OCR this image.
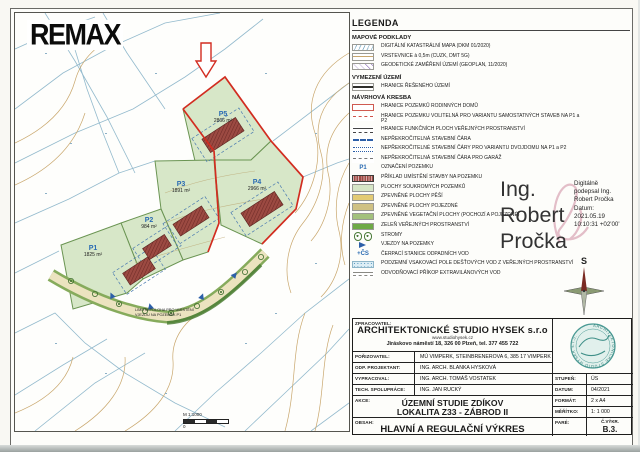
REMAX
P5
2866 m²
P4
2966 m²
P3
1891 m²
P2
984 m²
P1
1825 m²
LIMITNÍ POLOHA PRO UMÍSTĚNÍ VJEZDU NA POZEMEK P1
M 1:1000
0
LEGENDA
MAPOVÉ PODKLADY
DIGITÁLNÍ KATASTRÁLNÍ MAPA (DKM 01/2020)
VRSTEVNICE à 0,5m (CUZK, DMT 5G)
GEODETICKÉ ZAMĚŘENÍ ÚZEMÍ (GEOPLAN, 11/2020)
VYMEZENÍ ÚZEMÍ
HRANICE ŘEŠENÉHO ÚZEMÍ
NÁVRHOVÁ KRESBA
HRANICE POZEMKŮ RODINNÝCH DOMŮ
HRANICE POZEMKU VOLITELNÁ PRO VARIANTU SAMOSTATNÝCH STAVEB NA P1 a P2
HRANICE FUNKČNÍCH PLOCH VEŘEJNÝCH PROSTRANSTVÍ
NEPŘEKROČITELNÁ STAVEBNÍ ČÁRA
NEPŘEKROČITELNÉ STAVEBNÍ ČÁRY PRO VARIANTU DVOJDOMU NA P1 a P2
NEPŘEKROČITELNÁ STAVEBNÍ ČÁRA PRO GARÁŽ
P1	OZNAČENÍ POZEMKU
PŘÍKLAD UMÍSTĚNÍ STAVBY NA POZEMKU
PLOCHY SOUKROMÝCH POZEMKŮ
ZPEVNĚNÉ PLOCHY PĚŠÍ
ZPEVNĚNÉ PLOCHY POJEZDNÉ
ZPEVNĚNÉ VEGETAČNÍ PLOCHY (POCHOZÍ A POJEZDNÉ)
ZELEŇ VEŘEJNÝCH PROSTRANSTVÍ
STROMY
VJEZDY NA POZEMKY
+ČS	ČERPACÍ STANICE ODPADNÍCH VOD
PODZEMNÍ VSAKOVACÍ POLE DEŠŤOVÝCH VOD Z VEŘEJNÝCH PROSTRANSTVÍ
ODVODŇOVACÍ PŘÍKOP EXTRAVILÁNOVÝCH VOD
Ing.
Robert
Pročka
Digitálně
podepsal Ing.
Robert Pročka
Datum:
2021.05.19
10:10:31 +02'00'
S
ZPRACOVATEL:
ARCHITEKTONICKÉ STUDIO HYSEK s.r.o
www.studiohysek.cz
Jiráskovo náměstí 18, 326 00 Plzeň, tel. 377 455 722
POŘIZOVATEL:	MÚ VIMPERK, STEINBRENEROVA 6, 385 17 VIMPERK
ODP. PROJEKTANT:	ING. ARCH. BLANKA HYSKOVÁ
VYPRACOVAL:	ING. ARCH. TOMÁŠ VOSTATEK
TECH. SPOLUPRÁCE:	ING. JAN RUCKÝ
AKCE:	ÚZEMNÍ STUDIE ZDÍKOV
LOKALITA Z33 - ZÁBROD II
OBSAH:
HLAVNÍ A REGULAČNÍ VÝKRES
ARCHITEKTONICKÉ STUDIO HYSEK s.r.o.
STUPEŇ:	ÚS
DATUM:	04/2021
FORMÁT:	2 x A4
MĚŘÍTKO:	1: 1 000
PARÉ:	Č.VÝKR.
B.3.
